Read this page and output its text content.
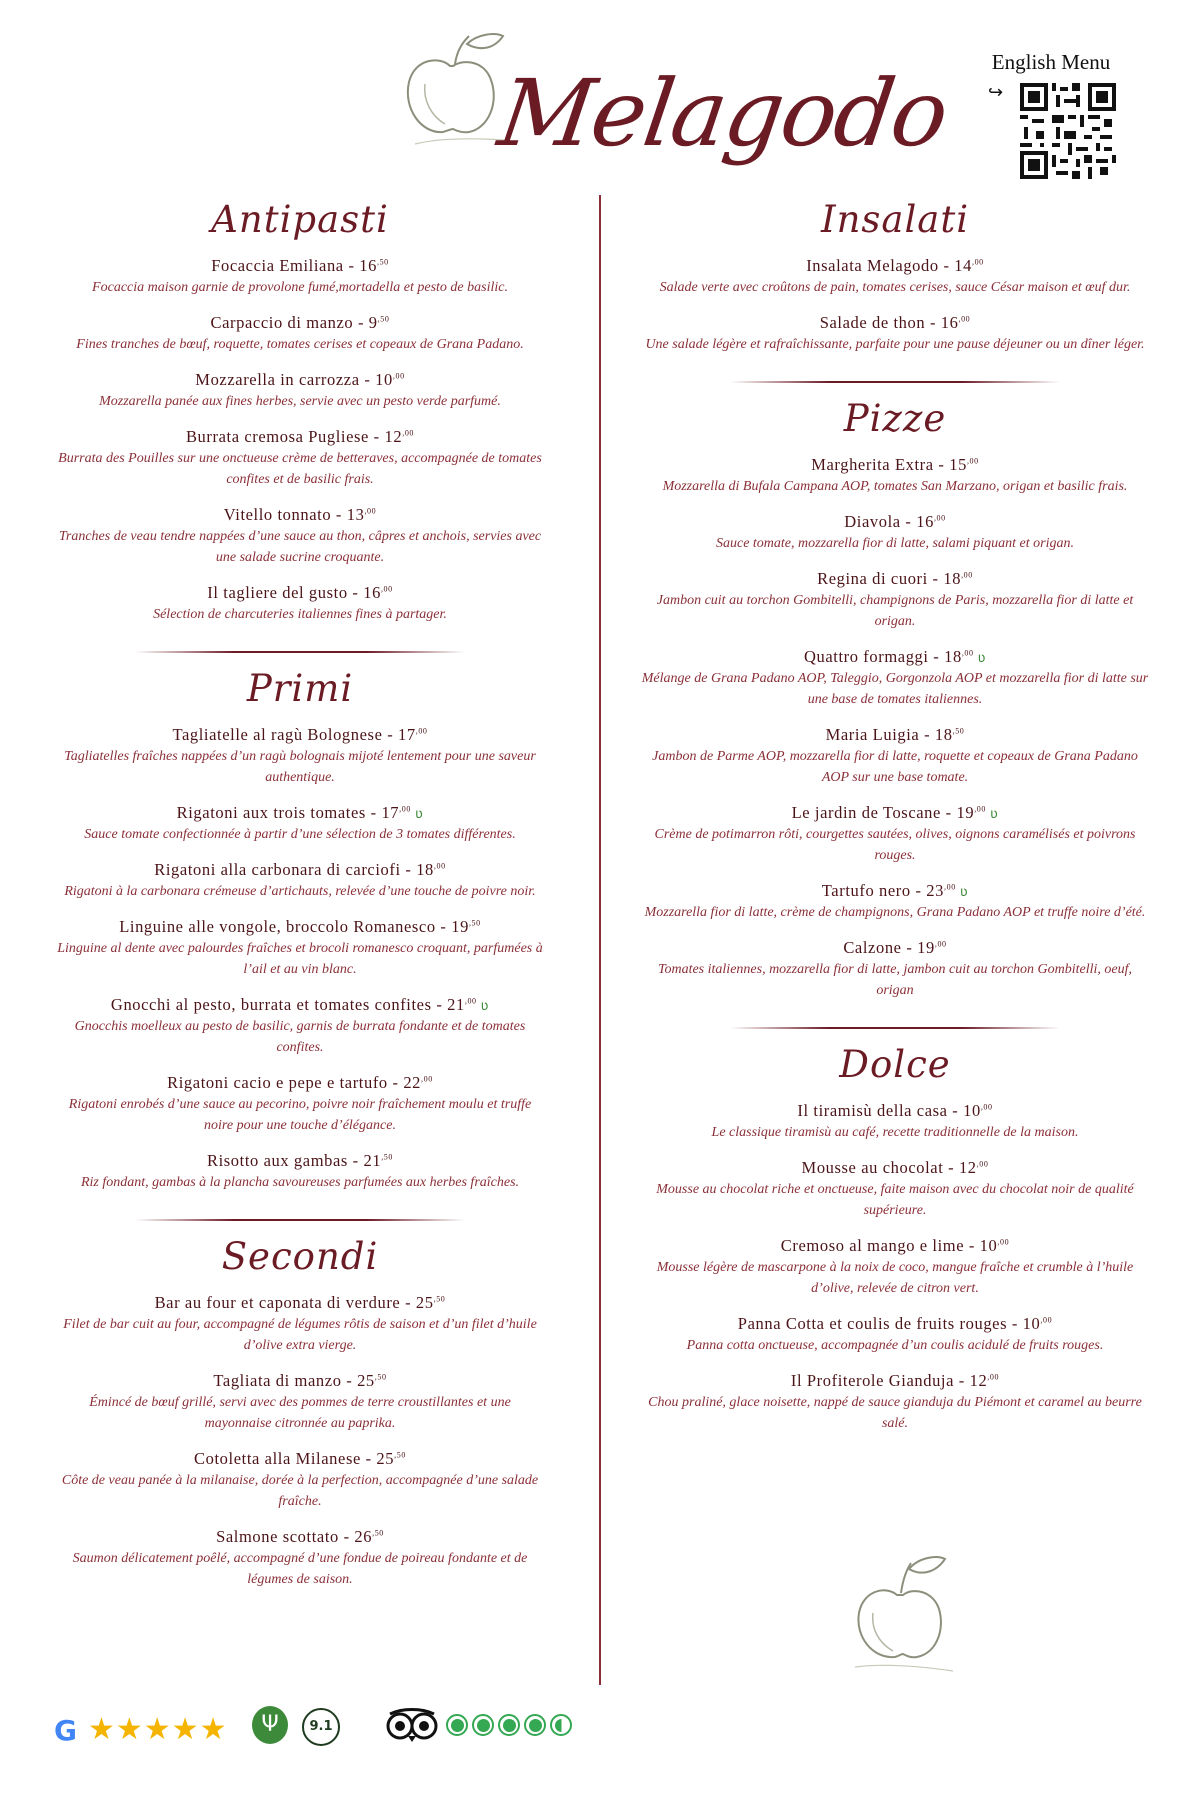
Melagodo English Menu
↪
Antipasti
Focaccia Emiliana - $16^{,50}$
Focaccia maison garnie de provolone fumé,mortadella et pesto de basilic.
Carpaccio di manzo - $9^{,50}$
Fines tranches de bœuf, roquette, tomates cerises et copeaux de Grana Padano.
Mozzarella in carrozza - $10^{,00}$
Mozzarella panée aux fines herbes, servie avec un pesto verde parfumé.
Burrata cremosa Pugliese - $12^{,00}$
Burrata des Pouilles sur une onctueuse crème de betteraves, accompagnée de tomates confites et de basilic frais.
Vitello tonnato - $13^{,00}$
Tranches de veau tendre nappées d’une sauce au thon, câpres et anchois, servies avec une salade sucrine croquante.
Il tagliere del gusto - $16^{,00}$
Sélection de charcuteries italiennes fines à partager.
Primi
Tagliatelle al ragù Bolognese - $17^{,00}$
Tagliatelles fraîches nappées d’un ragù bolognais mijoté lentement pour une saveur authentique.
Rigatoni aux trois tomates - $17^{,00}$ ʋ
Sauce tomate confectionnée à partir d’une sélection de 3 tomates différentes.
Rigatoni alla carbonara di carciofi - $18^{,00}$
Rigatoni à la carbonara crémeuse d’artichauts, relevée d’une touche de poivre noir.
Linguine alle vongole, broccolo Romanesco - $19^{,50}$
Linguine al dente avec palourdes fraîches et brocoli romanesco croquant, parfumées à l’ail et au vin blanc.
Gnocchi al pesto, burrata et tomates confites - $21^{,00}$ ʋ
Gnocchis moelleux au pesto de basilic, garnis de burrata fondante et de tomates confites.
Rigatoni cacio e pepe e tartufo - $22^{,00}$
Rigatoni enrobés d’une sauce au pecorino, poivre noir fraîchement moulu et truffe noire pour une touche d’élégance.
Risotto aux gambas - $21^{,50}$
Riz fondant, gambas à la plancha savoureuses parfumées aux herbes fraîches.
Secondi
Bar au four et caponata di verdure - $25^{,50}$
Filet de bar cuit au four, accompagné de légumes rôtis de saison et d’un filet d’huile d’olive extra vierge.
Tagliata di manzo - $25^{,50}$
Émincé de bœuf grillé, servi avec des pommes de terre croustillantes et une mayonnaise citronnée au paprika.
Cotoletta alla Milanese - $25^{,50}$
Côte de veau panée à la milanaise, dorée à la perfection, accompagnée d’une salade fraîche.
Salmone scottato - $26^{,50}$
Saumon délicatement poêlé, accompagné d’une fondue de poireau fondante et de légumes de saison.
Insalati
Insalata Melagodo - $14^{,00}$
Salade verte avec croûtons de pain, tomates cerises, sauce César maison et œuf dur.
Salade de thon - $16^{,00}$
Une salade légère et rafraîchissante, parfaite pour une pause déjeuner ou un dîner léger.
Pizze
Margherita Extra - $15^{,00}$
Mozzarella di Bufala Campana AOP, tomates San Marzano, origan et basilic frais.
Diavola - $16^{,00}$
Sauce tomate, mozzarella fior di latte, salami piquant et origan.
Regina di cuori - $18^{,00}$
Jambon cuit au torchon Gombitelli, champignons de Paris, mozzarella fior di latte et origan.
Quattro formaggi - $18^{,00}$ ʋ
Mélange de Grana Padano AOP, Taleggio, Gorgonzola AOP et mozzarella fior di latte sur une base de tomates italiennes.
Maria Luigia - $18^{,50}$
Jambon de Parme AOP, mozzarella fior di latte, roquette et copeaux de Grana Padano AOP sur une base tomate.
Le jardin de Toscane - $19^{,00}$ ʋ
Crème de potimarron rôti, courgettes sautées, olives, oignons caramélisés et poivrons rouges.
Tartufo nero - $23^{,00}$ ʋ
Mozzarella fior di latte, crème de champignons, Grana Padano AOP et truffe noire d’été.
Calzone - $19^{,00}$
Tomates italiennes, mozzarella fior di latte, jambon cuit au torchon Gombitelli, oeuf, origan
Dolce
Il tiramisù della casa - $10^{,00}$
Le classique tiramisù au café, recette traditionnelle de la maison.
Mousse au chocolat - $12^{,00}$
Mousse au chocolat riche et onctueuse, faite maison avec du chocolat noir de qualité supérieure.
Cremoso al mango e lime - $10^{,00}$
Mousse légère de mascarpone à la noix de coco, mangue fraîche et crumble à l’huile d’olive, relevée de citron vert.
Panna Cotta et coulis de fruits rouges - $10^{,00}$
Panna cotta onctueuse, accompagnée d’un coulis acidulé de fruits rouges.
Il Profiterole Gianduja - $12^{,00}$
Chou praliné, glace noisette, nappé de sauce gianduja du Piémont et caramel au beurre salé.
G ★★★★★	Ψ	9.1
